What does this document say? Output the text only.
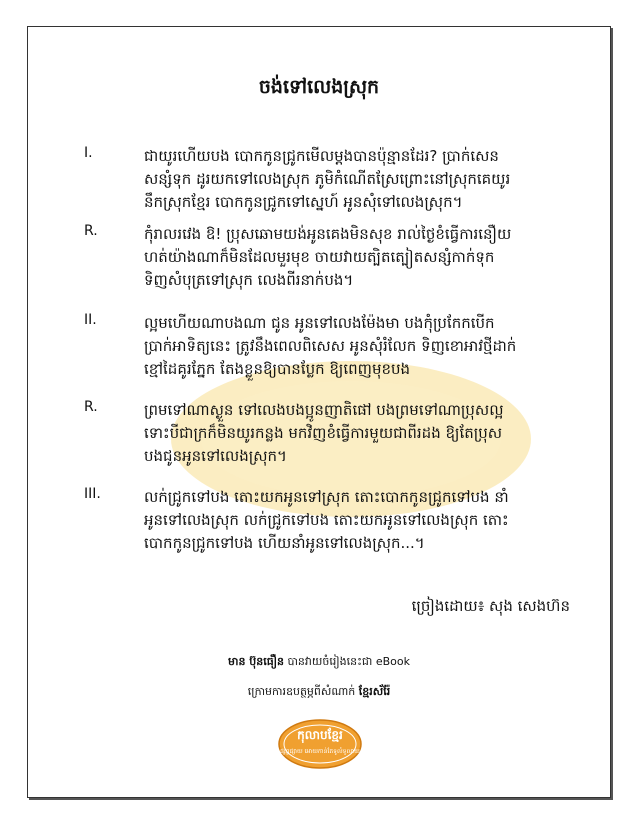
ចង់ទៅលេងស្រុក
I.	ជាយូរហើយបង បោកកូនជ្រូកមើលម្តងបានប៉ុន្មានដែរ? ប្រាក់សេន
សន្សំទុក ដូរយកទៅលេងស្រុក ភូមិកំណើតស្រែព្រោះនៅស្រុកគេយូរ
នឹកស្រុកខ្មែរ បោកកូនជ្រូកទៅស្នេហ៍ អូនសុំទៅលេងស្រុក។
R.	កុំរាលរវេង ឱ! ប្រុសឆោមយង់អូនគេងមិនសុខ រាល់ថ្ងៃខំធ្វើការនឿយ
ហត់យ៉ាងណាក៏មិនដែលមួរមុខ ចាយវាយត្បិតត្បៀតសន្សំកាក់ទុក
ទិញសំបុត្រទៅស្រុក លេងពីរនាក់បង។
II.	ល្អមហើយណាបងណា ជូន អូនទៅលេងម៉ែងមា បងកុំប្រកែកបើក
ប្រាក់អាទិត្យនេះ ត្រូវនឹងពេលពិសេស អូនសុំរំលែក ទិញខោអាវថ្មីដាក់
ខ្មៅដៃគូរភ្នែក តែងខ្លួនឱ្យបានប្លែក ឱ្យពេញមុខបង
R.	ព្រមទៅណាស្ងួន ទៅលេងបងប្អូនញាតិផៅ បងព្រមទៅណាប្រុសល្អ
ទោះបីជាក្រក៏មិនយូរកន្លង មកវិញខំធ្វើការមួយជាពីរដង ឱ្យតែប្រុស
បងជូនអូនទៅលេងស្រុក។
III.	លក់ជ្រូកទៅបង តោះយកអូនទៅស្រុក តោះបោកកូនជ្រូកទៅបង នាំ
អូនទៅលេងស្រុក លក់ជ្រូកទៅបង តោះយកអូនទៅលេងស្រុក តោះ
បោកកូនជ្រូកទៅបង ហើយនាំអូនទៅលេងស្រុក...។
ច្រៀងដោយ៖ សុង សេងហ៊ន
មាន ប៊ុនធឿន បានវាយចំរៀងនេះជា eBook
ក្រោមការឧបត្ថម្ភពីសំណាក់ ខ្មែរស័រ៉ែ
កុលាបខ្មែរ
ផ្សព្វផ្សាយ អោយកាន់តែទូលំទូលាយ
